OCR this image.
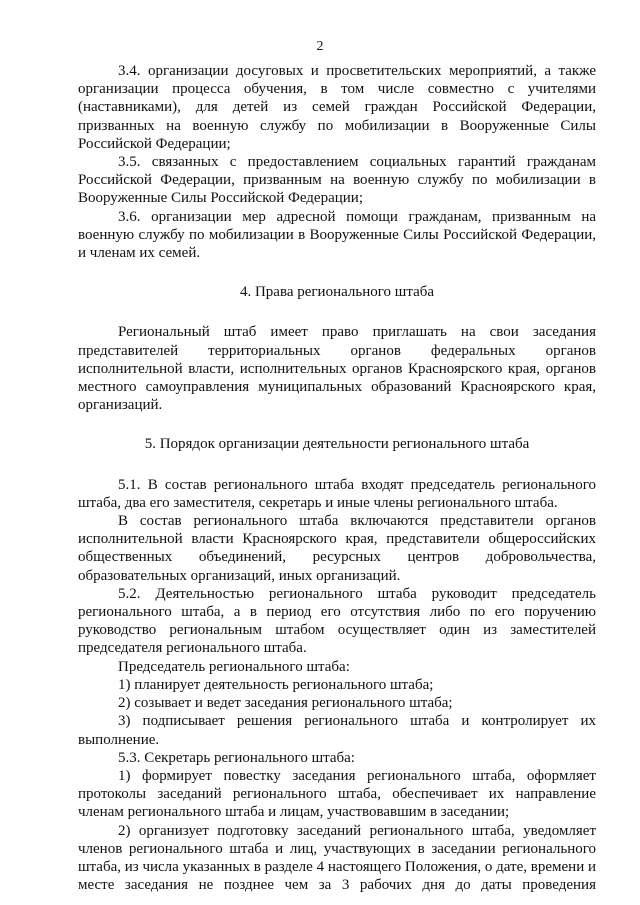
2

3.4. организации досуговых и просветительских мероприятий, а также организации процесса обучения, в том числе совместно с учителями (наставниками), для детей из семей граждан Российской Федерации, призванных на военную службу по мобилизации в Вооруженные Силы Российской Федерации;

3.5. связанных с предоставлением социальных гарантий гражданам Российской Федерации, призванным на военную службу по мобилизации в Вооруженные Силы Российской Федерации;

3.6. организации мер адресной помощи гражданам, призванным на военную службу по мобилизации в Вооруженные Силы Российской Федерации, и членам их семей.

4. Права регионального штаба

Региональный штаб имеет право приглашать на свои заседания представителей территориальных органов федеральных органов исполнительной власти, исполнительных органов Красноярского края, органов местного самоуправления муниципальных образований Красноярского края, организаций.

5. Порядок организации деятельности регионального штаба

5.1. В состав регионального штаба входят председатель регионального штаба, два его заместителя, секретарь и иные члены регионального штаба.

В состав регионального штаба включаются представители органов исполнительной власти Красноярского края, представители общероссийских общественных объединений, ресурсных центров добровольчества, образовательных организаций, иных организаций.

5.2. Деятельностью регионального штаба руководит председатель регионального штаба, а в период его отсутствия либо по его поручению руководство региональным штабом осуществляет один из заместителей председателя регионального штаба.

Председатель регионального штаба:

1) планирует деятельность регионального штаба;

2) созывает и ведет заседания регионального штаба;

3) подписывает решения регионального штаба и контролирует их выполнение.

5.3. Секретарь регионального штаба:

1) формирует повестку заседания регионального штаба, оформляет протоколы заседаний регионального штаба, обеспечивает их направление членам регионального штаба и лицам, участвовавшим в заседании;

2) организует подготовку заседаний регионального штаба, уведомляет членов регионального штаба и лиц, участвующих в заседании регионального штаба, из числа указанных в разделе 4 настоящего Положения, о дате, времени и месте заседания не позднее чем за 3 рабочих дня до даты проведения
